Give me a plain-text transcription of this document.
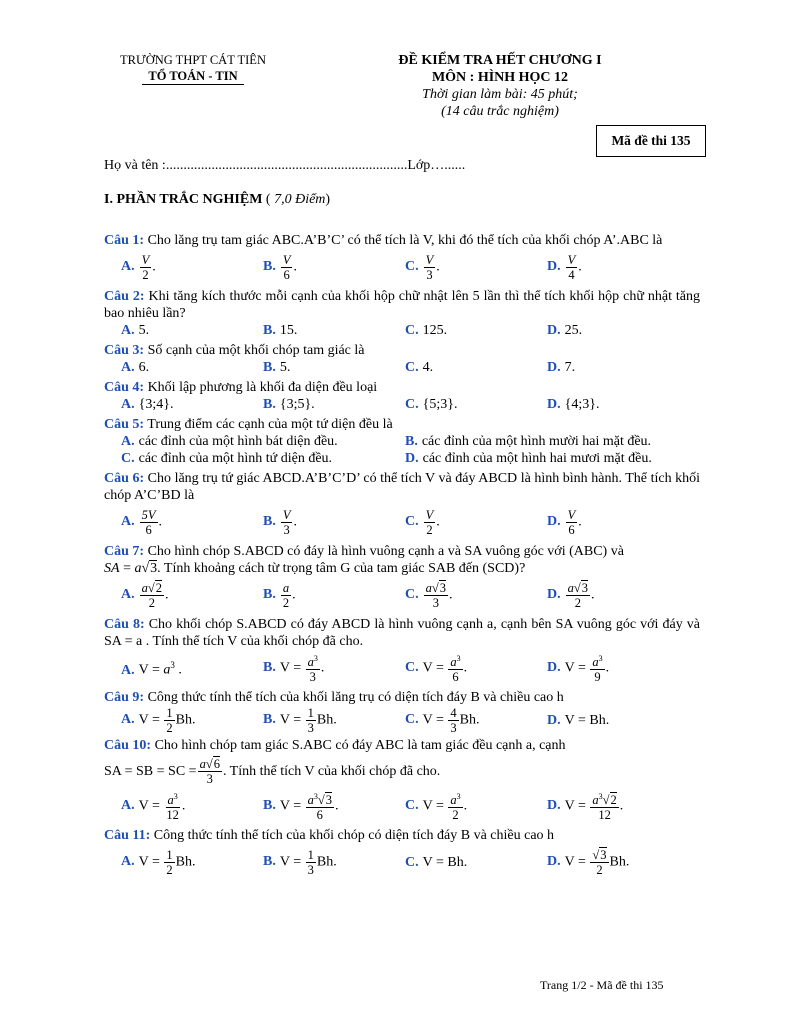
TRƯỜNG THPT CÁT TIÊN
TỔ TOÁN - TIN
ĐỀ KIỂM TRA HẾT CHƯƠNG I
MÔN : HÌNH HỌC 12
Thời gian làm bài: 45 phút;
(14 câu trắc nghiệm)
Mã đề thi 135
Họ và tên :.....................................................................Lớp…......
I. PHẦN TRẮC NGHIỆM ( 7,0 Điểm)
Câu 1: Cho lăng trụ tam giác ABC.A’B’C’ có thể tích là V, khi đó thể tích của khối chóp A’.ABC là
A. $\frac{V}{2}$ .	B. $\frac{V}{6}$ .	C. $\frac{V}{3}$ .	D. $\frac{V}{4}$ .
Câu 2: Khi tăng kích thước mỗi cạnh của khối hộp chữ nhật lên 5 lần thì thể tích khối hộp chữ nhật tăng bao nhiêu lần?
A. 5.	B. 15.	C. 125.	D. 25.
Câu 3: Số cạnh của một khối chóp tam giác là
A. 6.	B. 5.	C. 4.	D. 7.
Câu 4: Khối lập phương là khối đa diện đều loại
A. {3;4}.	B. {3;5}.	C. {5;3}.	D. {4;3}.
Câu 5: Trung điểm các cạnh của một tứ diện đều là
A. các đỉnh của một hình bát diện đều.	B. các đỉnh của một hình mười hai mặt đều.
C. các đỉnh của một hình tứ diện đều.	D. các đỉnh của một hình hai mươi mặt đều.
Câu 6: Cho lăng trụ tứ giác ABCD.A’B’C’D’ có thể tích V và đáy ABCD là hình bình hành. Thể tích khối chóp A’C’BD là
A. $\frac{5V}{6}$ .	B. $\frac{V}{3}$ .	C. $\frac{V}{2}$ .	D. $\frac{V}{6}$ .
Câu 7: Cho hình chóp S.ABCD có đáy là hình vuông cạnh a và SA vuông góc với (ABC) và
SA = a√3. Tính khoảng cách từ trọng tâm G của tam giác SAB đến (SCD)?
A. $\frac{a√2}{2}$ .	B. $\frac{a}{2}$ .	C. $\frac{a√3}{3}$ .	D. $\frac{a√3}{2}$ .
Câu 8: Cho khối chóp S.ABCD có đáy ABCD là hình vuông cạnh a, cạnh bên SA vuông góc với đáy và SA = a . Tính thể tích V của khối chóp đã cho.
A. $V = a^3$ .	B. $V = \frac{a^3}{3}$ .	C. $V = \frac{a^3}{6}$ .	D. $V = \frac{a^3}{9}$ .
Câu 9: Công thức tính thể tích của khối lăng trụ có diện tích đáy B và chiều cao h
A. $V = \frac{1}{2} Bh$.	B. $V = \frac{1}{3} Bh$.	C. $V = \frac{4}{3} Bh$.	D. V = Bh.
Câu 10: Cho hình chóp tam giác S.ABC có đáy ABC là tam giác đều cạnh a, cạnh
SA = SB = SC = $\frac{a√6}{3}$ . Tính thể tích V của khối chóp đã cho.
A. $V = \frac{a^3}{12}$ .	B. $V = \frac{a^3√3}{6}$ .	C. $V = \frac{a^3}{2}$ .	D. $V = \frac{a^3√2}{12}$ .
Câu 11: Công thức tính thể tích của khối chóp có diện tích đáy B và chiều cao h
A. $V = \frac{1}{2} Bh$.	B. $V = \frac{1}{3} Bh$.	C. V = Bh.	D. $V = \frac{√3}{2} Bh$.
Trang 1/2 - Mã đề thi 135
